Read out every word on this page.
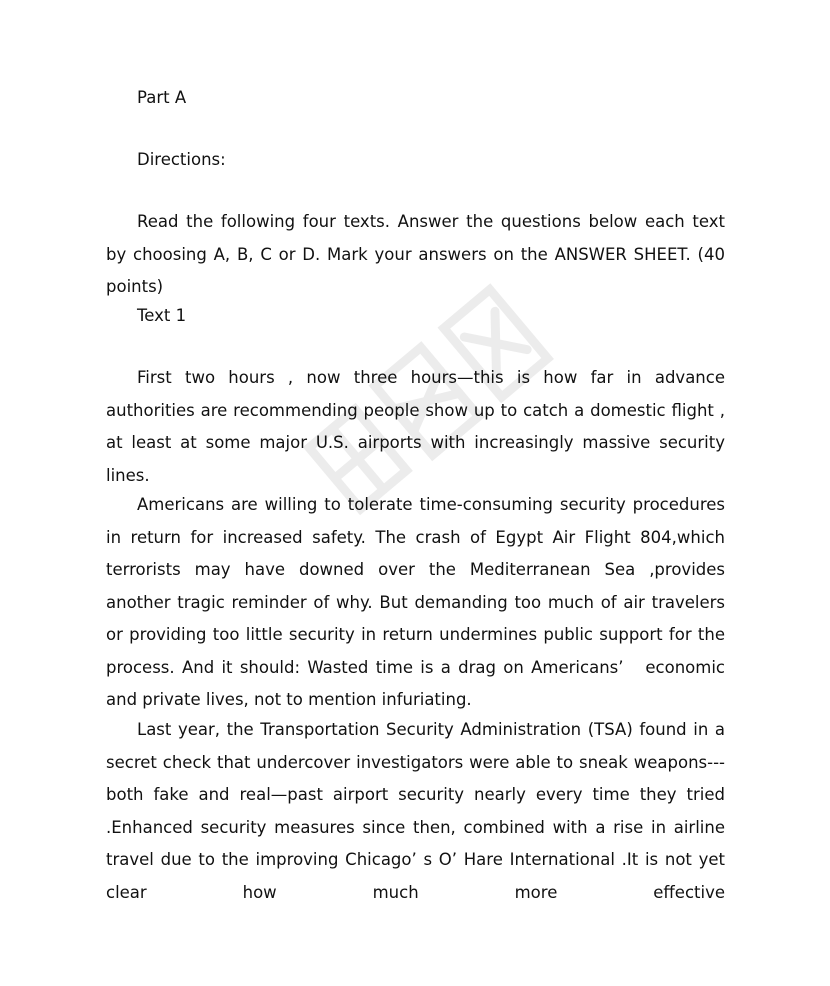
Part A

Directions:

Read the following four texts. Answer the questions below each text by choosing A, B, C or D. Mark your answers on the ANSWER SHEET. (40 points)

Text 1

First two hours , now three hours—this is how far in advance authorities are recommending people show up to catch a domestic flight , at least at some major U.S. airports with increasingly massive security lines.

Americans are willing to tolerate time-consuming security procedures in return for increased safety. The crash of Egypt Air Flight 804,which terrorists may have downed over the Mediterranean Sea ,provides another tragic reminder of why. But demanding too much of air travelers or providing too little security in return undermines public support for the process. And it should: Wasted time is a drag on Americans’   economic and private lives, not to mention infuriating.

Last year, the Transportation Security Administration (TSA) found in a secret check that undercover investigators were able to sneak weapons---both fake and real—past airport security nearly every time they tried .Enhanced security measures since then, combined with a rise in airline travel due to the improving Chicago’ s O’ Hare International .It is not yet clear how much more effective
